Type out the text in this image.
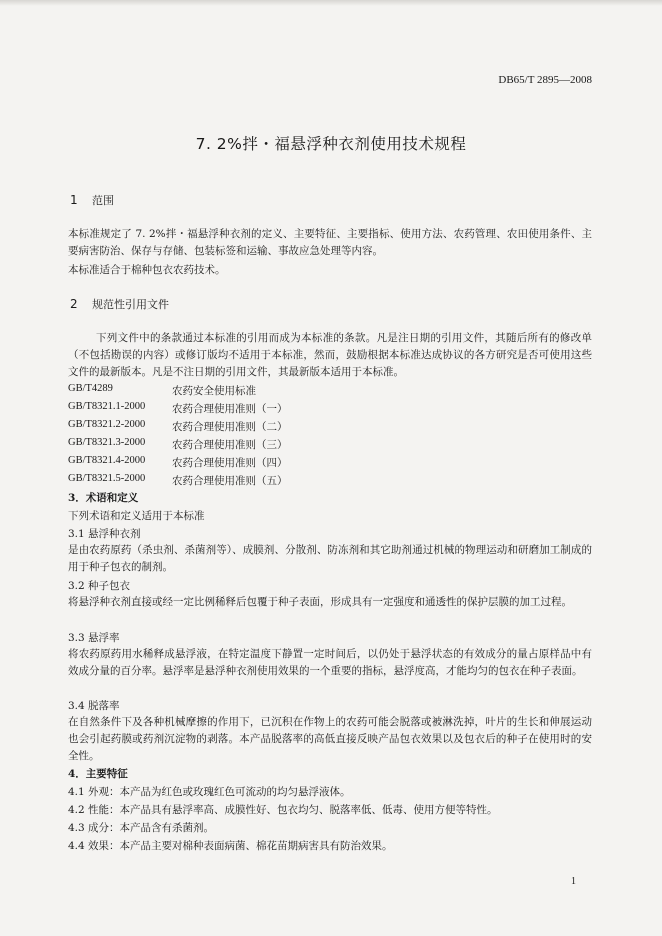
DB65/T 2895—2008
7. 2%拌・福悬浮种衣剂使用技术规程
1 范围
本标准规定了 7. 2%拌・福悬浮种衣剂的定义、主要特征、主要指标、使用方法、农药管理、农田使用条件、主要病害防治、保存与存储、包装标签和运输、事故应急处理等内容。
本标准适合于棉种包衣农药技术。
2 规范性引用文件
下列文件中的条款通过本标准的引用而成为本标准的条款。凡是注日期的引用文件，其随后所有的修改单（不包括勘误的内容）或修订版均不适用于本标准，然而，鼓励根据本标准达成协议的各方研究是否可使用这些文件的最新版本。凡是不注日期的引用文件，其最新版本适用于本标准。
GB/T4289	农药安全使用标准
GB/T8321.1-2000	农药合理使用准则（一）
GB/T8321.2-2000	农药合理使用准则（二）
GB/T8321.3-2000	农药合理使用准则（三）
GB/T8321.4-2000	农药合理使用准则（四）
GB/T8321.5-2000	农药合理使用准则（五）
3．术语和定义
下列术语和定义适用于本标准
3.1 悬浮种衣剂
是由农药原药（杀虫剂、杀菌剂等）、成膜剂、分散剂、防冻剂和其它助剂通过机械的物理运动和研磨加工制成的用于种子包衣的制剂。
3.2 种子包衣
将悬浮种衣剂直接或经一定比例稀释后包覆于种子表面，形成具有一定强度和通透性的保护层膜的加工过程。
3.3 悬浮率
将农药原药用水稀释成悬浮液，在特定温度下静置一定时间后，以仍处于悬浮状态的有效成分的量占原样品中有效成分量的百分率。悬浮率是悬浮种衣剂使用效果的一个重要的指标，悬浮度高，才能均匀的包衣在种子表面。
3.4 脱落率
在自然条件下及各种机械摩擦的作用下，已沉积在作物上的农药可能会脱落或被淋洗掉，叶片的生长和伸展运动也会引起药膜或药剂沉淀物的剥落。本产品脱落率的高低直接反映产品包衣效果以及包衣后的种子在使用时的安全性。
4．主要特征
4.1 外观：本产品为红色或玫瑰红色可流动的均匀悬浮液体。
4.2 性能：本产品具有悬浮率高、成膜性好、包衣均匀、脱落率低、低毒、使用方便等特性。
4.3 成分：本产品含有杀菌剂。
4.4 效果：本产品主要对棉种表面病菌、棉花苗期病害具有防治效果。
1
